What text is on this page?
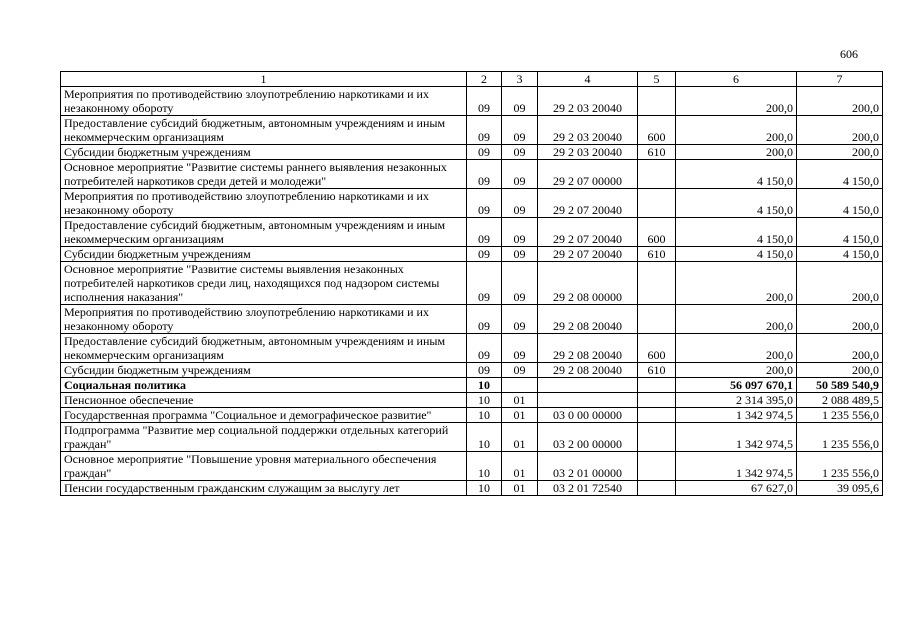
606
1	2	3	4	5	6	7
Мероприятия по противодействию злоупотреблению наркотиками и их незаконному обороту	09	09	29 2 03 20040		200,0	200,0
Предоставление субсидий бюджетным, автономным учреждениям и иным некоммерческим организациям	09	09	29 2 03 20040	600	200,0	200,0
Субсидии бюджетным учреждениям	09	09	29 2 03 20040	610	200,0	200,0
Основное мероприятие "Развитие системы раннего выявления незаконных потребителей наркотиков среди детей и молодежи"	09	09	29 2 07 00000		4 150,0	4 150,0
Мероприятия по противодействию злоупотреблению наркотиками и их незаконному обороту	09	09	29 2 07 20040		4 150,0	4 150,0
Предоставление субсидий бюджетным, автономным учреждениям и иным некоммерческим организациям	09	09	29 2 07 20040	600	4 150,0	4 150,0
Субсидии бюджетным учреждениям	09	09	29 2 07 20040	610	4 150,0	4 150,0
Основное мероприятие "Развитие системы выявления незаконных потребителей наркотиков среди лиц, находящихся под надзором системы исполнения наказания"	09	09	29 2 08 00000		200,0	200,0
Мероприятия по противодействию злоупотреблению наркотиками и их незаконному обороту	09	09	29 2 08 20040		200,0	200,0
Предоставление субсидий бюджетным, автономным учреждениям и иным некоммерческим организациям	09	09	29 2 08 20040	600	200,0	200,0
Субсидии бюджетным учреждениям	09	09	29 2 08 20040	610	200,0	200,0
Социальная политика	10				56 097 670,1	50 589 540,9
Пенсионное обеспечение	10	01			2 314 395,0	2 088 489,5
Государственная программа "Социальное и демографическое развитие"	10	01	03 0 00 00000		1 342 974,5	1 235 556,0
Подпрограмма "Развитие мер социальной поддержки отдельных категорий граждан"	10	01	03 2 00 00000		1 342 974,5	1 235 556,0
Основное мероприятие "Повышение уровня материального обеспечения граждан"	10	01	03 2 01 00000		1 342 974,5	1 235 556,0
Пенсии государственным гражданским служащим за выслугу лет	10	01	03 2 01 72540		67 627,0	39 095,6
